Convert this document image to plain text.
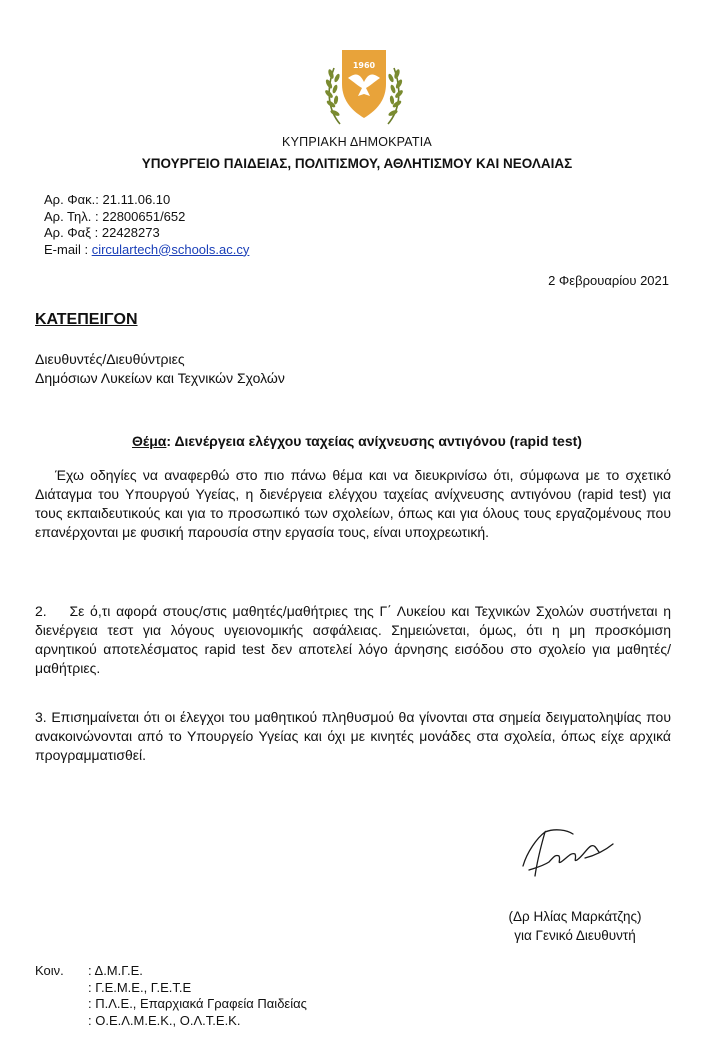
1960
ΚΥΠΡΙΑΚΗ ΔΗΜΟΚΡΑΤΙΑ
ΥΠΟΥΡΓΕΙΟ ΠΑΙΔΕΙΑΣ, ΠΟΛΙΤΙΣΜΟΥ, ΑΘΛΗΤΙΣΜΟΥ ΚΑΙ ΝΕΟΛΑΙΑΣ
Αρ. Φακ.: 21.11.06.10
Αρ. Τηλ. : 22800651/652
Αρ. Φαξ : 22428273
E-mail : circulartech@schools.ac.cy
2 Φεβρουαρίου 2021
ΚΑΤΕΠΕΙΓΟΝ
Διευθυντές/Διευθύντριες
Δημόσιων Λυκείων και Τεχνικών Σχολών
Θέμα: Διενέργεια ελέγχου ταχείας ανίχνευσης αντιγόνου (rapid test)
Έχω οδηγίες να αναφερθώ στο πιο πάνω θέμα και να διευκρινίσω ότι, σύμφωνα με το σχετικό Διάταγμα του Υπουργού Υγείας, η διενέργεια ελέγχου ταχείας ανίχνευσης αντιγόνου (rapid test) για τους εκπαιδευτικούς και για το προσωπικό των σχολείων, όπως και για όλους τους εργαζομένους που επανέρχονται με φυσική παρουσία στην εργασία τους, είναι υποχρεωτική.
2.    Σε ό,τι αφορά στους/στις μαθητές/μαθήτριες της Γ΄ Λυκείου και Τεχνικών Σχολών συστήνεται η διενέργεια τεστ για λόγους υγειονομικής ασφάλειας. Σημειώνεται, όμως, ότι η μη προσκόμιση αρνητικού αποτελέσματος rapid test δεν αποτελεί λόγο άρνησης εισόδου στο σχολείο για μαθητές/μαθήτριες.
3. Επισημαίνεται ότι οι έλεγχοι του μαθητικού πληθυσμού θα γίνονται στα σημεία δειγματοληψίας που ανακοινώνονται από το Υπουργείο Υγείας και όχι με κινητές μονάδες στα σχολεία, όπως είχε αρχικά προγραμματισθεί.
(Δρ Ηλίας Μαρκάτζης)
για Γενικό Διευθυντή
Κοιν.	: Δ.Μ.Γ.Ε.
: Γ.Ε.Μ.Ε., Γ.Ε.Τ.Ε
: Π.Λ.Ε., Επαρχιακά Γραφεία Παιδείας
: Ο.Ε.Λ.Μ.Ε.Κ., Ο.Λ.Τ.Ε.Κ.
